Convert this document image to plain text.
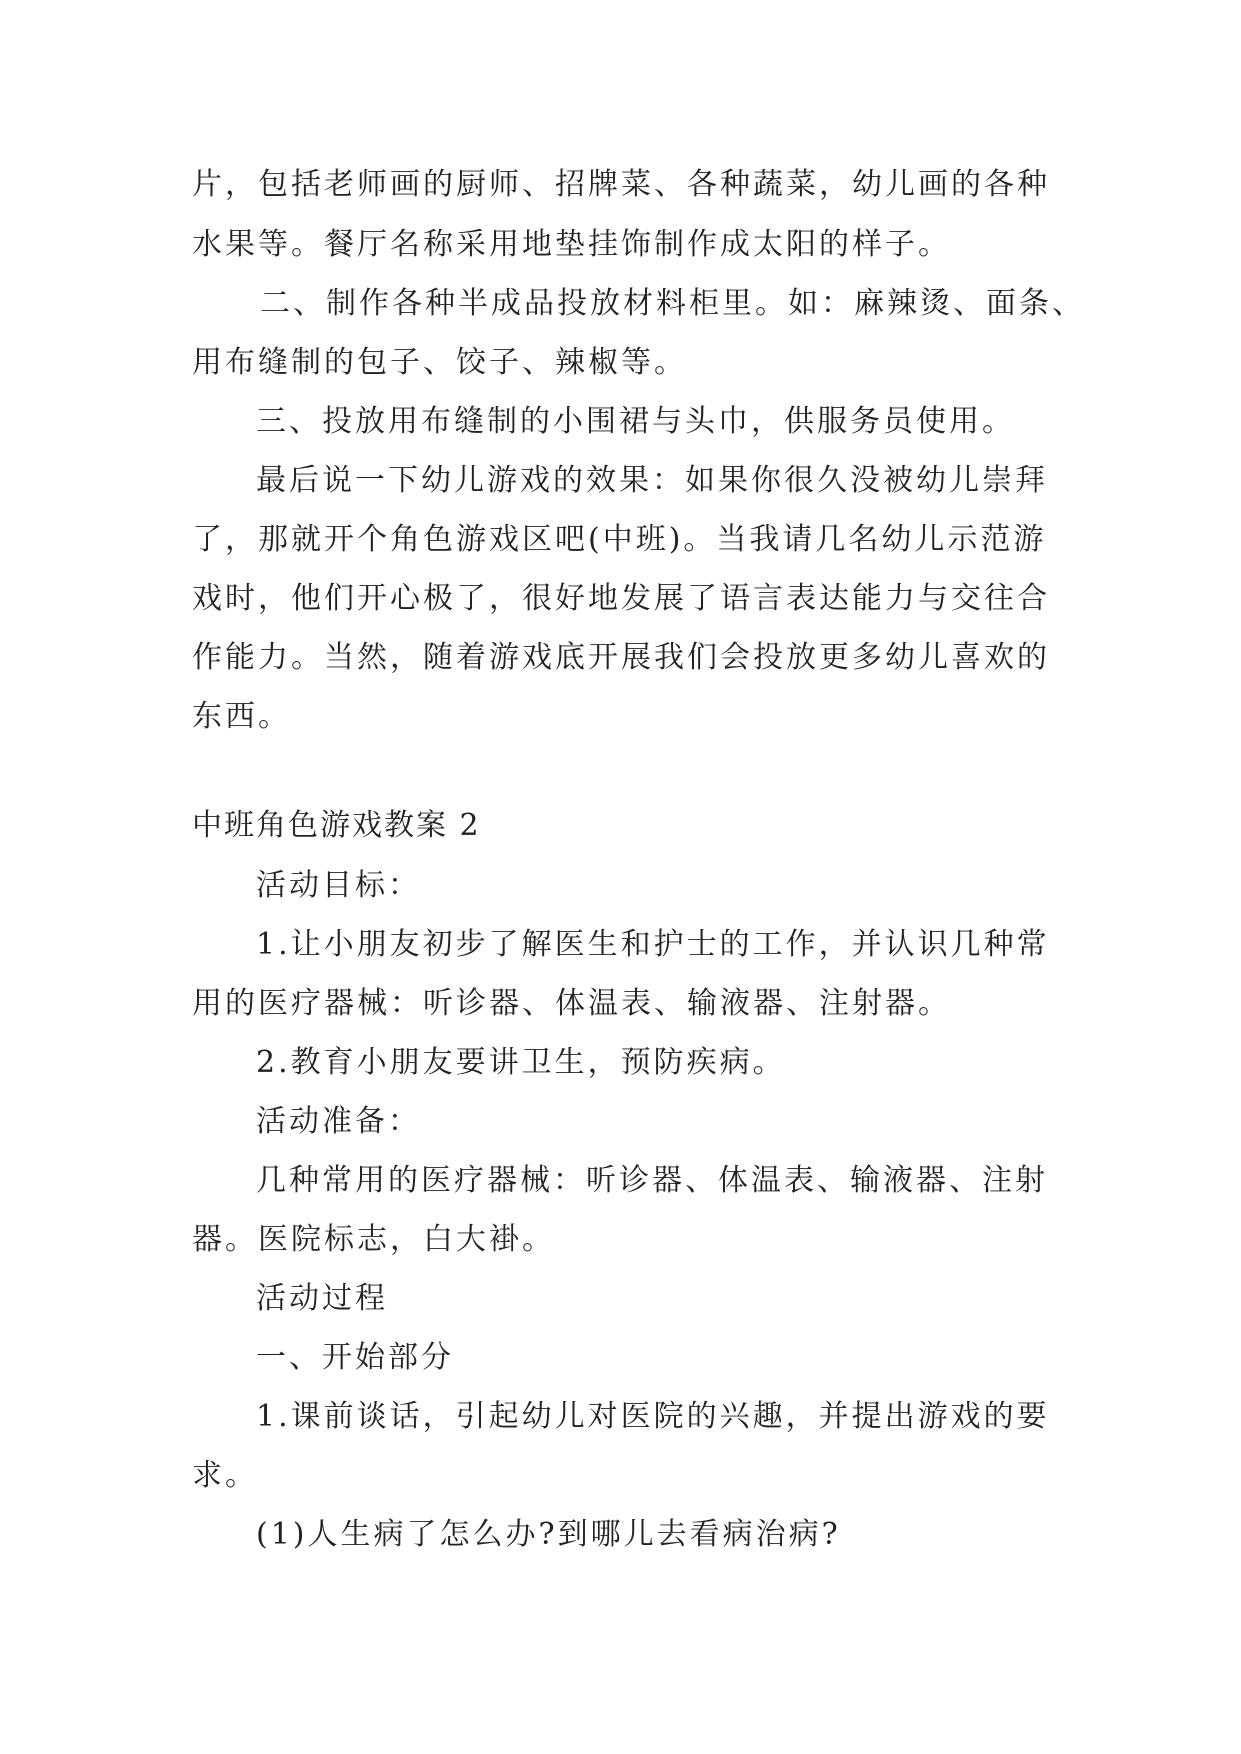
片，包括老师画的厨师、招牌菜、各种蔬菜，幼儿画的各种
水果等。餐厅名称采用地垫挂饰制作成太阳的样子。
二、制作各种半成品投放材料柜里。如：麻辣烫、面条、
用布缝制的包子、饺子、辣椒等。
三、投放用布缝制的小围裙与头巾，供服务员使用。
最后说一下幼儿游戏的效果：如果你很久没被幼儿崇拜
了，那就开个角色游戏区吧(中班)。当我请几名幼儿示范游
戏时，他们开心极了，很好地发展了语言表达能力与交往合
作能力。当然，随着游戏底开展我们会投放更多幼儿喜欢的
东西。
中班角色游戏教案 2
活动目标：
1.让小朋友初步了解医生和护士的工作，并认识几种常
用的医疗器械：听诊器、体温表、输液器、注射器。
2.教育小朋友要讲卫生，预防疾病。
活动准备：
几种常用的医疗器械：听诊器、体温表、输液器、注射
器。医院标志，白大褂。
活动过程
一、开始部分
1.课前谈话，引起幼儿对医院的兴趣，并提出游戏的要
求。
(1)人生病了怎么办?到哪儿去看病治病?
